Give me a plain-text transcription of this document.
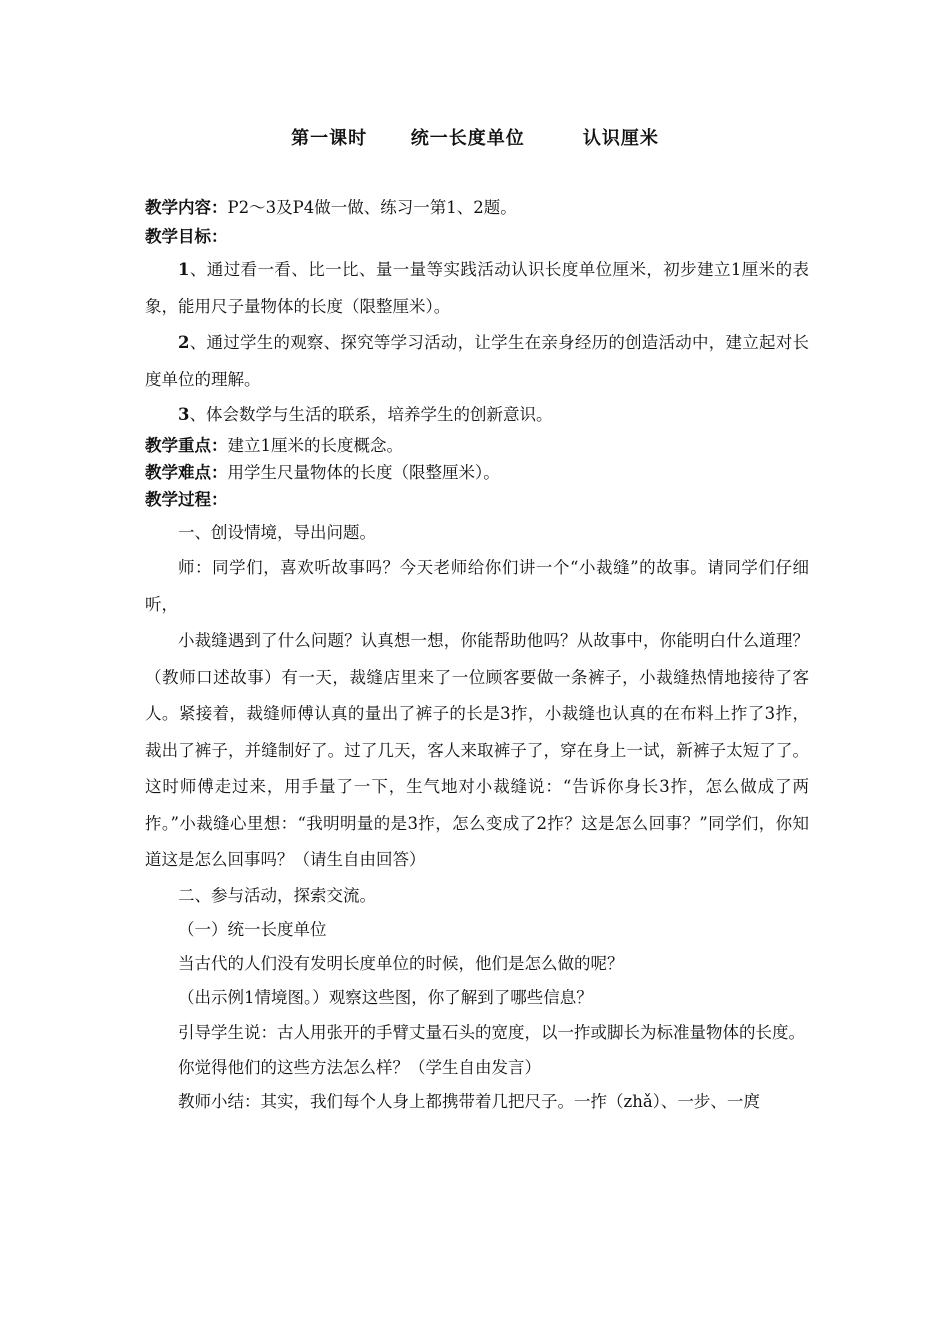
第一课时      统一长度单位        认识厘米

教学内容：P2～3及P4做一做、练习一第1、2题。

教学目标：

1、通过看一看、比一比、量一量等实践活动认识长度单位厘米，初步建立1厘米的表象，能用尺子量物体的长度（限整厘米）。

2、通过学生的观察、探究等学习活动，让学生在亲身经历的创造活动中，建立起对长度单位的理解。

3、体会数学与生活的联系，培养学生的创新意识。

教学重点：建立1厘米的长度概念。

教学难点：用学生尺量物体的长度（限整厘米）。

教学过程：

一、创设情境，导出问题。

师：同学们，喜欢听故事吗？今天老师给你们讲一个“小裁缝”的故事。请同学们仔细听，

小裁缝遇到了什么问题？认真想一想，你能帮助他吗？从故事中，你能明白什么道理？（教师口述故事）有一天，裁缝店里来了一位顾客要做一条裤子，小裁缝热情地接待了客人。紧接着，裁缝师傅认真的量出了裤子的长是3拃，小裁缝也认真的在布料上拃了3拃，裁出了裤子，并缝制好了。过了几天，客人来取裤子了，穿在身上一试，新裤子太短了了。这时师傅走过来，用手量了一下，生气地对小裁缝说：“告诉你身长3拃，怎么做成了两拃。”小裁缝心里想：“我明明量的是3拃，怎么变成了2拃？这是怎么回事？”同学们，你知道这是怎么回事吗？（请生自由回答）

二、参与活动，探索交流。

（一）统一长度单位

当古代的人们没有发明长度单位的时候，他们是怎么做的呢？

（出示例1情境图。）观察这些图，你了解到了哪些信息？

引导学生说：古人用张开的手臂丈量石头的宽度，以一拃或脚长为标准量物体的长度。

你觉得他们的这些方法怎么样？（学生自由发言）

教师小结：其实，我们每个人身上都携带着几把尺子。一拃（zhǎ）、一步、一庹
